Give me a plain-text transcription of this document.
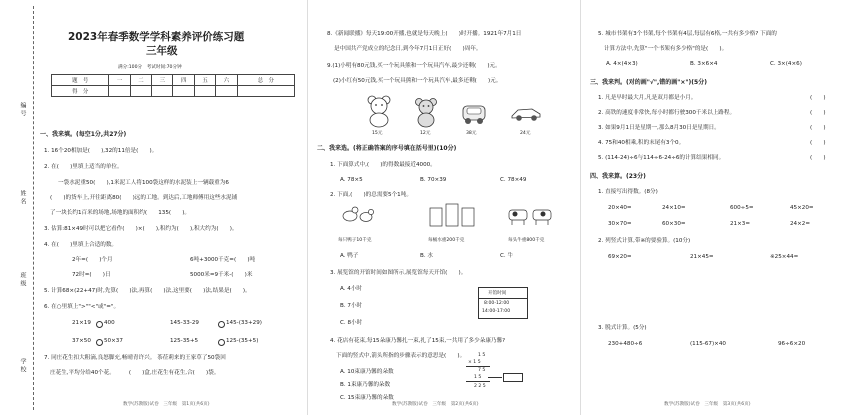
编号
姓名
班级
学校
2023年春季数学学科素养评价练习题
三年级
满分:100分　考试时间:70分钟
题　号	一	二	三	四	五	六	总　分
得　分							
一、我来填。(每空1分,共27分)
1. 16个20相加是(　　),32的11倍是(　　)。
2. 在(　　)里填上适当的单位。
一袋水泥重50(　　),1米泥工人将100袋这样的水泥装上一辆载重为6
(　　)的货车上,开往距离80(　　)远的工地。到达后,工地师傅用这些水泥铺
了一块长约1百米的场地,场地的面积约(　　135(　　)。
3. 估算:81×49时可以把它看作(　　)×(　　),积约为(　　),积大约为(　　)。
4. 在(　　)里填上合适的数。
2年=(　　)个月	6吨+3000千克=(　　)吨
72时=(　　)日	5000米=9千米-(　　)米
5. 计算68×(22+47)时,先算(　　)法,再算(　　)法,这里要(　　)法,结果是(　　)。
6. 在○里填上">""<"或"="。
21×19 400	145-33-29	145-(33+29)
37×50 50×37	125-35+5	125-(35+5)
7. 同庄花生扣大粗滴,良怒脚充,畅晴青许兴。 茶莅莉来的王家草了50袋回
庄花生,平均分给40个花。　　　(　　)盒,庄花生有花生,合(　　)袋。
数学(苏教版)试卷　三年级　第1页(共6页)
8.《新闻联播》每天19:00开播,也就是每天晚上(　　)时开播。1921年7月1日
是中国共产党成立的纪念日,到今年7月1日正好(　　)周年。
9.(1)小明有80元钱,买一个玩具熊和一个玩具汽车,最少还剩(　　)元。
(2)小红有50元钱,买一个玩具熊和一个玩具汽车,最多还剩(　　)元。
15元	12元	38元	24元
二、我来选。(将正确答案的序号填在括号里)(10分)
1. 下面算式中,(　　)的得数最接近4000。
A. 78×5	B. 70×39	C. 78×49
2. 下面,(　　)的总需要5个1吨。
每只鸭子10千克	每桶水重200千克	每头牛重800千克
A. 鸭子	B. 水	C. 牛
3. 展览馆的开馆时间如图所示,展览馆每天开馆(　　)。
A. 4小时
B. 7小时
C. 8小时
开馆时间
8:00-12:00
14:00-17:00
4. 花店有花束,每15朵康乃馨扎一束,扎了15束,一共用了多少朵康乃馨?
下面的竖式中,箭头所指的步骤表示的意思是(　　)。
A. 10束康乃馨的朵数
B. 1束康乃馨的朵数
C. 15束康乃馨的朵数
1 5
× 1 5
7 5
1 5
2 2 5
数学(苏教版)试卷　三年级　第2页(共6页)
5. 城市书架有3个书架,每个书架有4层,每层有6格,一共有多少格? 下面的
计算方法中,先算"一个书架有多少格"的是(　　)。
A. 4×(4×3)	B. 3×6×4	C. 3×(4×6)
三、我来判。(对的画"√",错的画"×")(5分)
1. 凡是早时最大月,凡是双月都是小月。	(　　)
2. 高铁的速度非常快,每小时都行驶300千米以上路程。	(　　)
3. 如果9月1日是星期一,那么8月30日是星期日。	(　　)
4. 75和40相乘,积的末尾有3个0。	(　　)
5. (114-24)÷6与114÷6-24÷6的计算结果相同。	(　　)
四、我来算。(23分)
1. 直接写出得数。(8分)
20×40=	24×10=	600÷5=	45×20=
30×70=	60×30=	21×3=	24×2=
2. 列竖式计算,带※的要验算。(10分)
69×20=	21×45=	※25×44=
3. 脱式计算。(5分)
230+480÷6	(115-67)×40	96÷6×20
数学(苏教版)试卷　三年级　第3页(共6页)
